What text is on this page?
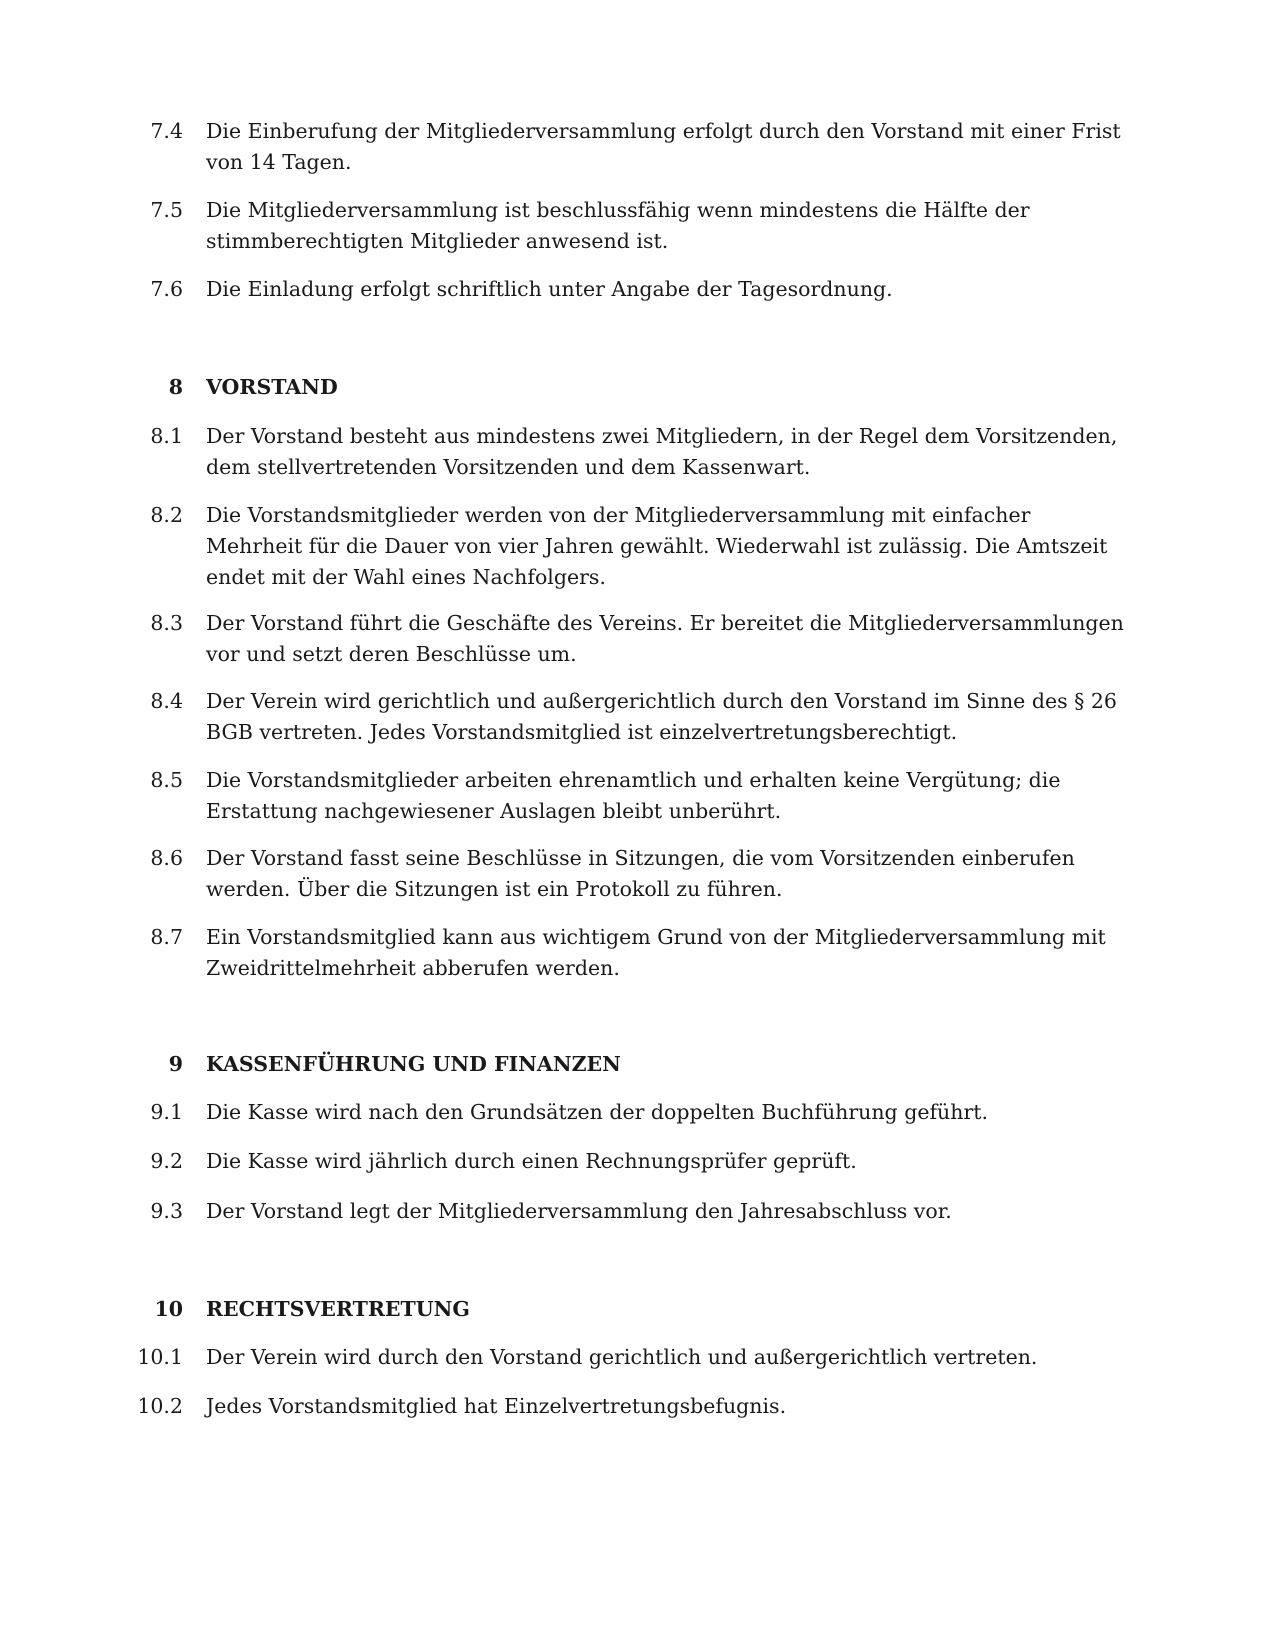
7.4 Die Einberufung der Mitgliederversammlung erfolgt durch den Vorstand mit einer Frist von 14 Tagen.
7.5 Die Mitgliederversammlung ist beschlussfähig wenn mindestens die Hälfte der stimmberechtigten Mitglieder anwesend ist.
7.6 Die Einladung erfolgt schriftlich unter Angabe der Tagesordnung.
8 VORSTAND
8.1 Der Vorstand besteht aus mindestens zwei Mitgliedern, in der Regel dem Vorsitzenden, dem stellvertretenden Vorsitzenden und dem Kassenwart.
8.2 Die Vorstandsmitglieder werden von der Mitgliederversammlung mit einfacher Mehrheit für die Dauer von vier Jahren gewählt. Wiederwahl ist zulässig. Die Amtszeit endet mit der Wahl eines Nachfolgers.
8.3 Der Vorstand führt die Geschäfte des Vereins. Er bereitet die Mitgliederversammlungen vor und setzt deren Beschlüsse um.
8.4 Der Verein wird gerichtlich und außergerichtlich durch den Vorstand im Sinne des § 26 BGB vertreten. Jedes Vorstandsmitglied ist einzelvertretungsberechtigt.
8.5 Die Vorstandsmitglieder arbeiten ehrenamtlich und erhalten keine Vergütung; die Erstattung nachgewiesener Auslagen bleibt unberührt.
8.6 Der Vorstand fasst seine Beschlüsse in Sitzungen, die vom Vorsitzenden einberufen werden. Über die Sitzungen ist ein Protokoll zu führen.
8.7 Ein Vorstandsmitglied kann aus wichtigem Grund von der Mitgliederversammlung mit Zweidrittelmehrheit abberufen werden.
9 KASSENFÜHRUNG UND FINANZEN
9.1 Die Kasse wird nach den Grundsätzen der doppelten Buchführung geführt.
9.2 Die Kasse wird jährlich durch einen Rechnungsprüfer geprüft.
9.3 Der Vorstand legt der Mitgliederversammlung den Jahresabschluss vor.
10 RECHTSVERTRETUNG
10.1 Der Verein wird durch den Vorstand gerichtlich und außergerichtlich vertreten.
10.2 Jedes Vorstandsmitglied hat Einzelvertretungsbefugnis.
